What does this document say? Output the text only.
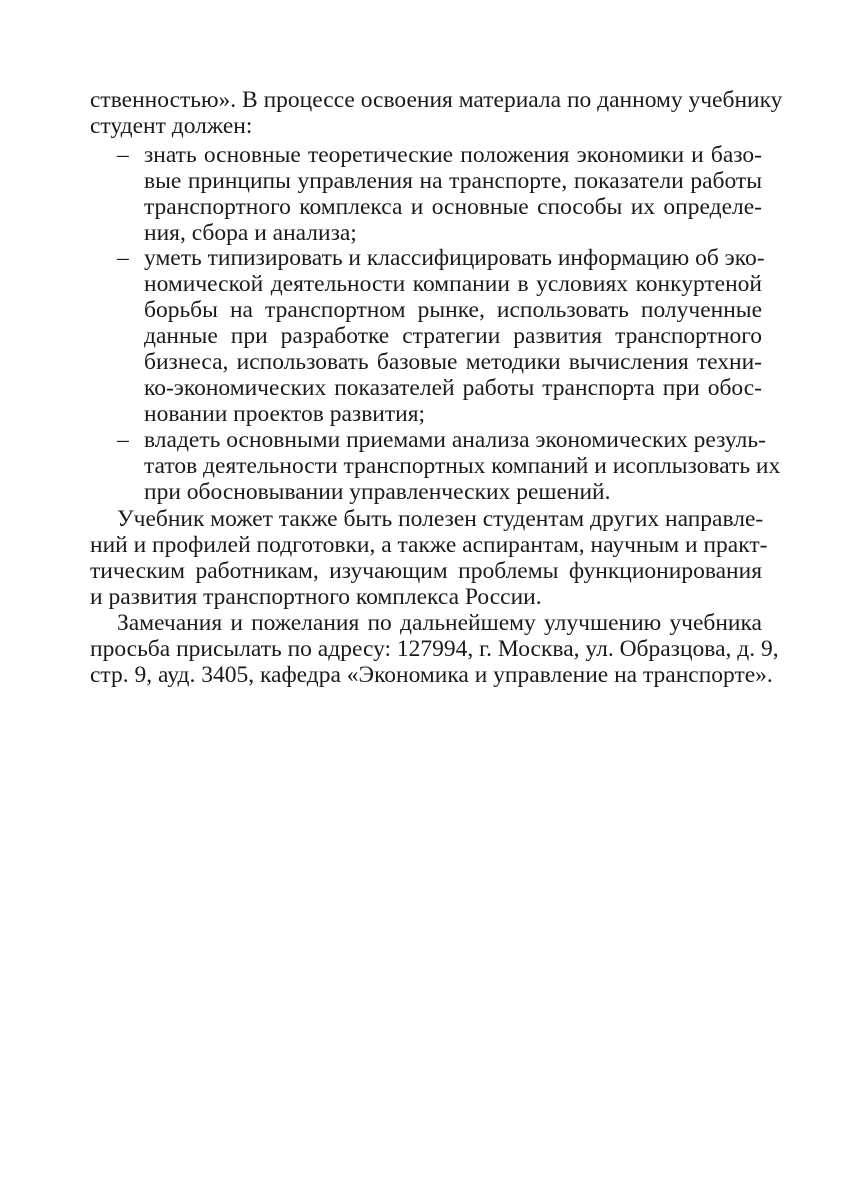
ственностью». В процессе освоения материала по данному учебнику
студент должен:
– знать основные теоретические положения экономики и базо-
вые принципы управления на транспорте, показатели работы
транспортного комплекса и основные способы их определе-
ния, сбора и анализа;
– уметь типизировать и классифицировать информацию об эко-
номической деятельности компании в условиях конкуртеной
борьбы на транспортном рынке, использовать полученные
данные при разработке стратегии развития транспортного
бизнеса, использовать базовые методики вычисления техни-
ко-экономических показателей работы транспорта при обос-
новании проектов развития;
– владеть основными приемами анализа экономических резуль-
татов деятельности транспортных компаний и исоплызовать их
при обосновывании управленческих решений.
Учебник может также быть полезен студентам других направле-
ний и профилей подготовки, а также аспирантам, научным и практ-
тическим работникам, изучающим проблемы функционирования
и развития транспортного комплекса России.
Замечания и пожелания по дальнейшему улучшению учебника
просьба присылать по адресу: 127994, г. Москва, ул. Образцова, д. 9,
стр. 9, ауд. 3405, кафедра «Экономика и управление на транспорте».
